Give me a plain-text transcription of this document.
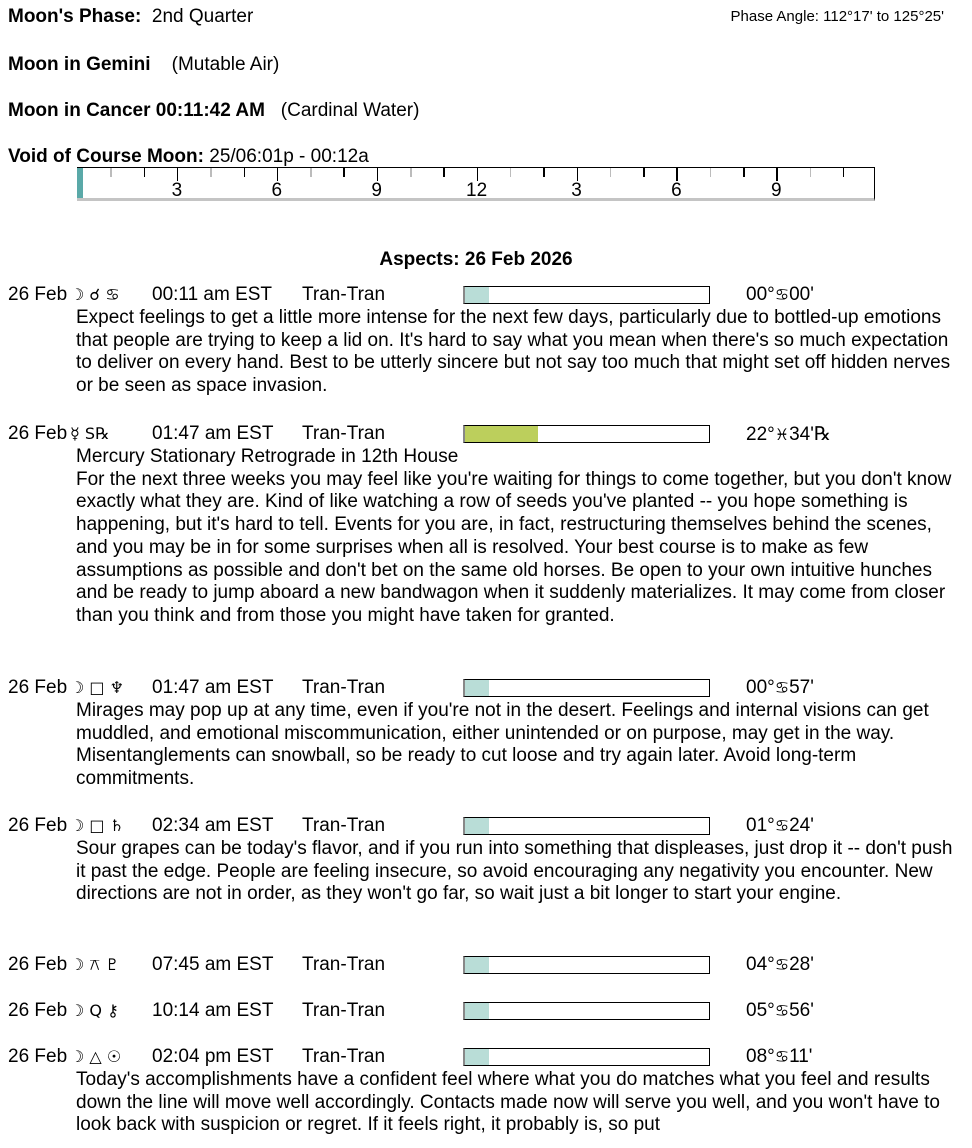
Moon's Phase: 2nd Quarter	Phase Angle: 112°17' to 125°25'
Moon in Gemini (Mutable Air)
Moon in Cancer 00:11:42 AM (Cardinal Water)
Void of Course Moon: 25/06:01p - 00:12a
3	6	9	12	3	6	9
Aspects: 26 Feb 2026
26 Feb ☽ ☌ ♋ 00:11 am EST Tran-Tran	00°♋00'
Expect feelings to get a little more intense for the next few days, particularly due to bottled-up emotions that people are trying to keep a lid on. It's hard to say what you mean when there's so much expectation to deliver on every hand. Best to be utterly sincere but not say too much that might set off hidden nerves or be seen as space invasion.
26 Feb ☿ S℞ 01:47 am EST Tran-Tran	22°♓34'℞
Mercury Stationary Retrograde in 12th House
For the next three weeks you may feel like you're waiting for things to come together, but you don't know exactly what they are. Kind of like watching a row of seeds you've planted -- you hope something is happening, but it's hard to tell. Events for you are, in fact, restructuring themselves behind the scenes, and you may be in for some surprises when all is resolved. Your best course is to make as few assumptions as possible and don't bet on the same old horses. Be open to your own intuitive hunches and be ready to jump aboard a new bandwagon when it suddenly materializes. It may come from closer than you think and from those you might have taken for granted.
26 Feb ☽ □ ♆ 01:47 am EST Tran-Tran	00°♋57'
Mirages may pop up at any time, even if you're not in the desert. Feelings and internal visions can get muddled, and emotional miscommunication, either unintended or on purpose, may get in the way. Misentanglements can snowball, so be ready to cut loose and try again later. Avoid long-term commitments.
26 Feb ☽ □ ♄ 02:34 am EST Tran-Tran	01°♋24'
Sour grapes can be today's flavor, and if you run into something that displeases, just drop it -- don't push it past the edge. People are feeling insecure, so avoid encouraging any negativity you encounter. New directions are not in order, as they won't go far, so wait just a bit longer to start your engine.
26 Feb ☽ ⚻ ♇ 07:45 am EST Tran-Tran	04°♋28'
26 Feb ☽ Q ⚷ 10:14 am EST Tran-Tran	05°♋56'
26 Feb ☽ △ ☉ 02:04 pm EST Tran-Tran	08°♋11'
Today's accomplishments have a confident feel where what you do matches what you feel and results down the line will move well accordingly. Contacts made now will serve you well, and you won't have to look back with suspicion or regret. If it feels right, it probably is, so put
